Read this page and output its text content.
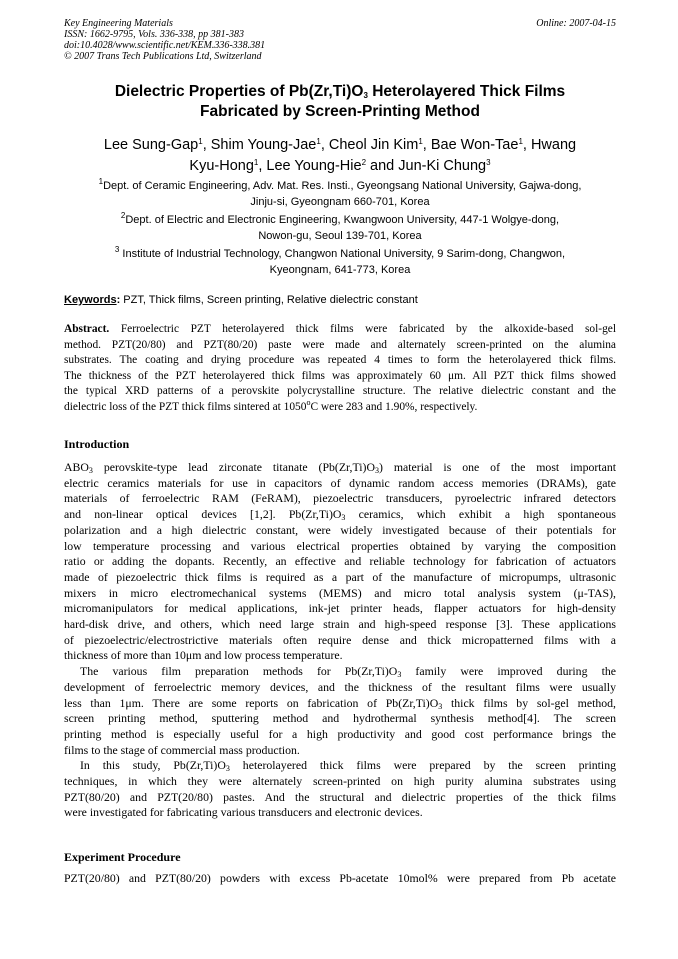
Key Engineering Materials
ISSN: 1662-9795, Vols. 336-338, pp 381-383
doi:10.4028/www.scientific.net/KEM.336-338.381
© 2007 Trans Tech Publications Ltd, Switzerland
Online: 2007-04-15
Dielectric Properties of $Pb(Zr,Ti)O_3$ Heterolayered Thick Films
Fabricated by Screen-Printing Method
Lee Sung-Gap$^1$, Shim Young-Jae$^1$, Cheol Jin Kim$^1$, Bae Won-Tae$^1$, Hwang
Kyu-Hong$^1$, Lee Young-Hie$^2$ and Jun-Ki Chung$^3$
$^1$Dept. of Ceramic Engineering, Adv. Mat. Res. Insti., Gyeongsang National University, Gajwa-dong,
Jinju-si, Gyeongnam 660-701, Korea
$^2$Dept. of Electric and Electronic Engineering, Kwangwoon University, 447-1 Wolgye-dong,
Nowon-gu, Seoul 139-701, Korea
$^3$ Institute of Industrial Technology, Changwon National University, 9 Sarim-dong, Changwon,
Kyeongnam, 641-773, Korea
Keywords: PZT, Thick films, Screen printing, Relative dielectric constant
Abstract. Ferroelectric PZT heterolayered thick films were fabricated by the alkoxide-based sol-gel
method. PZT(20/80) and PZT(80/20) paste were made and alternately screen-printed on the alumina
substrates. The coating and drying procedure was repeated 4 times to form the heterolayered thick films.
The thickness of the PZT heterolayered thick films was approximately 60 μm. All PZT thick films showed
the typical XRD patterns of a perovskite polycrystalline structure. The relative dielectric constant and the
dielectric loss of the PZT thick films sintered at 1050$^o$C were 283 and 1.90%, respectively.
Introduction
$ABO_3$ perovskite-type lead zirconate titanate $(Pb(Zr,Ti)O_3)$ material is one of the most important
electric ceramics materials for use in capacitors of dynamic random access memories (DRAMs), gate
materials of ferroelectric RAM (FeRAM), piezoelectric transducers, pyroelectric infrared detectors
and non-linear optical devices [1,2]. $Pb(Zr,Ti)O_3$ ceramics, which exhibit a high spontaneous
polarization and a high dielectric constant, were widely investigated because of their potentials for
low temperature processing and various electrical properties obtained by varying the composition
ratio or adding the dopants. Recently, an effective and reliable technology for fabrication of actuators
made of piezoelectric thick films is required as a part of the manufacture of micropumps, ultrasonic
mixers in micro electromechanical systems (MEMS) and micro total analysis system (μ-TAS),
micromanipulators for medical applications, ink-jet printer heads, flapper actuators for high-density
hard-disk drive, and others, which need large strain and high-speed response [3]. These applications
of piezoelectric/electrostrictive materials often require dense and thick micropatterned films with a
thickness of more than 10μm and low process temperature.
The various film preparation methods for $Pb(Zr,Ti)O_3$ family were improved during the
development of ferroelectric memory devices, and the thickness of the resultant films were usually
less than 1μm. There are some reports on fabrication of $Pb(Zr,Ti)O_3$ thick films by sol-gel method,
screen printing method, sputtering method and hydrothermal synthesis method[4]. The screen
printing method is especially useful for a high productivity and good cost performance brings the
films to the stage of commercial mass production.
In this study, $Pb(Zr,Ti)O_3$ heterolayered thick films were prepared by the screen printing
techniques, in which they were alternately screen-printed on high purity alumina substrates using
PZT(80/20) and PZT(20/80) pastes. And the structural and dielectric properties of the thick films
were investigated for fabricating various transducers and electronic devices.
Experiment Procedure
PZT(20/80) and PZT(80/20) powders with excess Pb-acetate 10mol% were prepared from Pb acetate
